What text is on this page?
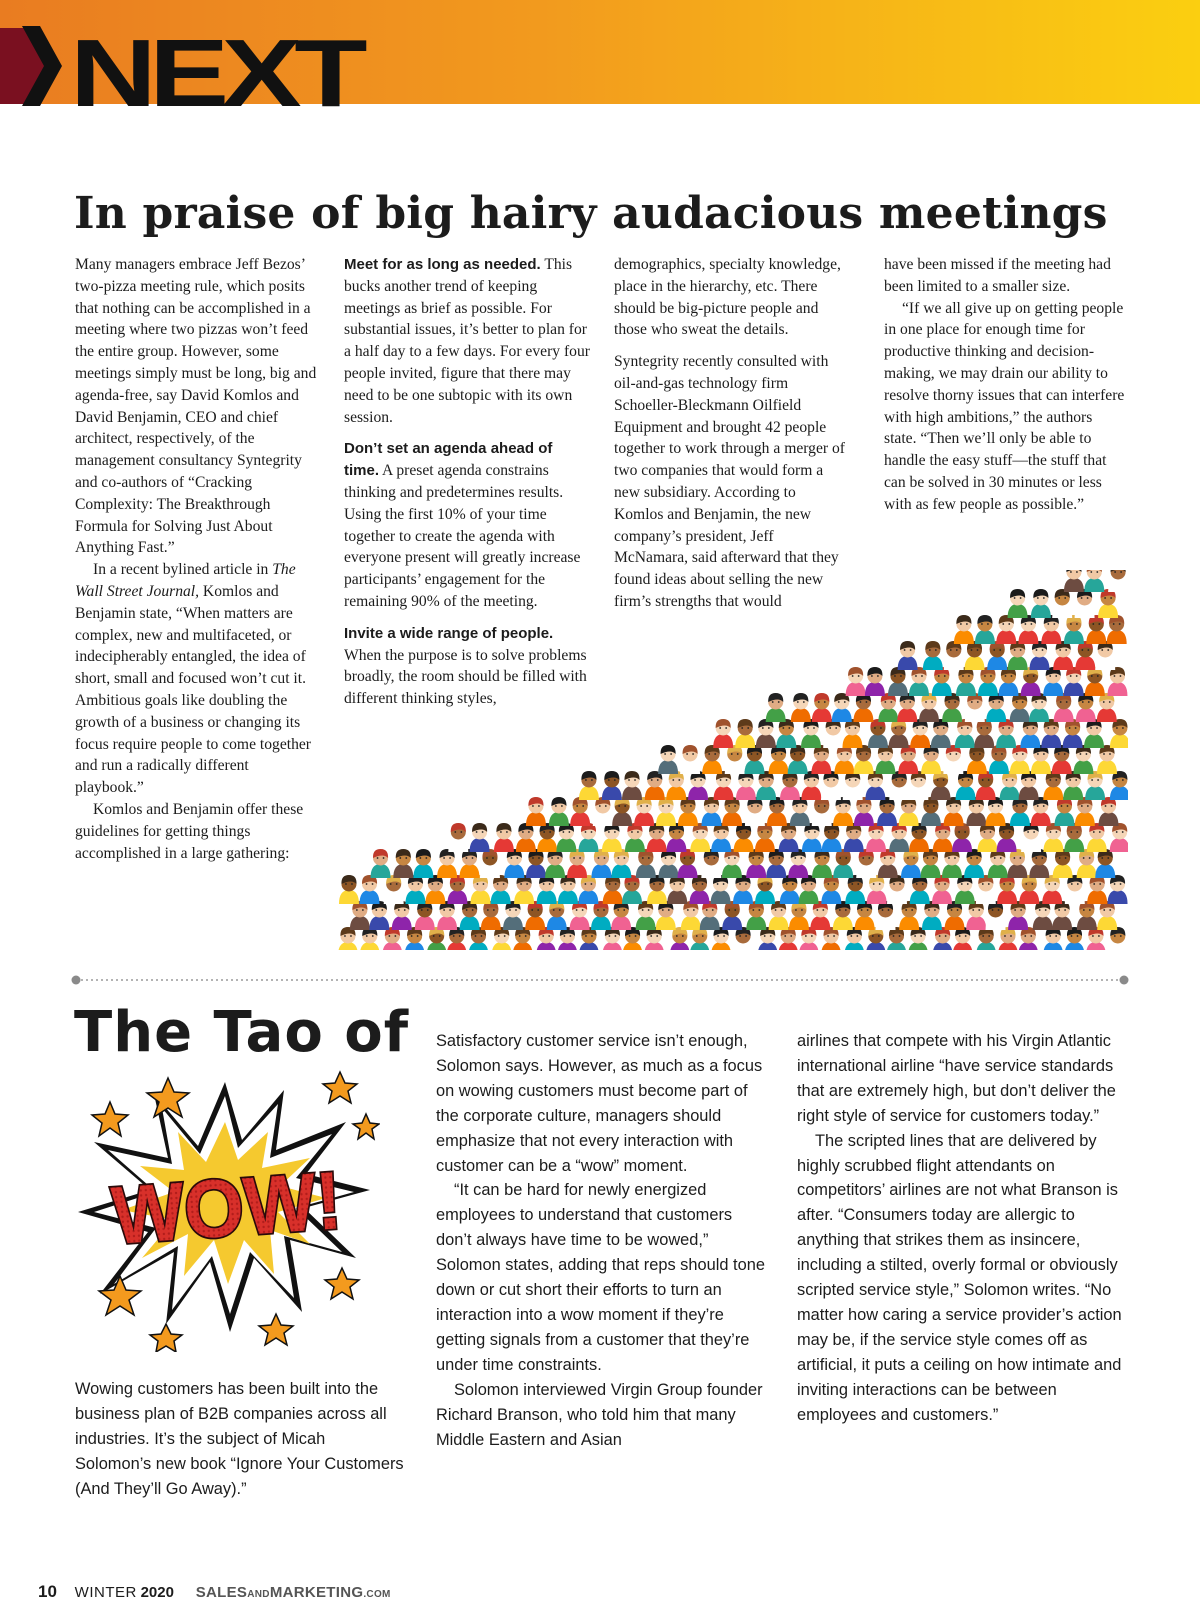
NEXT
In praise of big hairy audacious meetings

Many managers embrace Jeff Bezos’ two-pizza meeting rule, which posits that nothing can be accomplished in a meeting where two pizzas won’t feed the entire group. However, some meetings simply must be long, big and agenda-free, say David Komlos and David Benjamin, CEO and chief architect, respectively, of the management consultancy Syntegrity and co-authors of “Cracking Complexity: The Breakthrough Formula for Solving Just About Anything Fast.”

In a recent bylined article in The Wall Street Journal, Komlos and Benjamin state, “When matters are complex, new and multifaceted, or indecipherably entangled, the idea of short, small and focused won’t cut it. Ambitious goals like doubling the growth of a business or changing its focus require people to come together and run a radically different playbook.”

Komlos and Benjamin offer these guidelines for getting things accomplished in a large gathering:

Meet for as long as needed. This bucks another trend of keeping meetings as brief as possible. For substantial issues, it’s better to plan for a half day to a few days. For every four people invited, figure that there may need to be one subtopic with its own session.

Don’t set an agenda ahead of time. A preset agenda constrains thinking and predetermines results. Using the first 10% of your time together to create the agenda with everyone present will greatly increase participants’ engagement for the remaining 90% of the meeting.

Invite a wide range of people. When the purpose is to solve problems broadly, the room should be filled with different thinking styles,

demographics, specialty knowledge, place in the hierarchy, etc. There should be big-picture people and those who sweat the details.

Syntegrity recently consulted with oil-and-gas technology firm Schoeller-Bleckmann Oilfield Equipment and brought 42 people together to work through a merger of two companies that would form a new subsidiary. According to Komlos and Benjamin, the new company’s president, Jeff McNamara, said afterward that they found ideas about selling the new firm’s strengths that would

have been missed if the meeting had been limited to a smaller size.

“If we all give up on getting people in one place for enough time for productive thinking and decision-making, we may drain our ability to resolve thorny issues that can interfere with high ambitions,” the authors state. “Then we’ll only be able to handle the easy stuff—the stuff that can be solved in 30 minutes or less with as few people as possible.”

The Tao of
WOW!

Wowing customers has been built into the business plan of B2B companies across all industries. It’s the subject of Micah Solomon’s new book “Ignore Your Customers (And They’ll Go Away).”

Satisfactory customer service isn’t enough, Solomon says. However, as much as a focus on wowing customers must become part of the corporate culture, managers should emphasize that not every interaction with customer can be a “wow” moment.

“It can be hard for newly energized employees to understand that customers don’t always have time to be wowed,” Solomon states, adding that reps should tone down or cut short their efforts to turn an interaction into a wow moment if they’re getting signals from a customer that they’re under time constraints.

Solomon interviewed Virgin Group founder Richard Branson, who told him that many Middle Eastern and Asian

airlines that compete with his Virgin Atlantic international airline “have service standards that are extremely high, but don’t deliver the right style of service for customers today.”

The scripted lines that are delivered by highly scrubbed flight attendants on competitors’ airlines are not what Branson is after. “Consumers today are allergic to anything that strikes them as insincere, including a stilted, overly formal or obviously scripted service style,” Solomon writes. “No matter how caring a service provider’s action may be, if the service style comes off as artificial, it puts a ceiling on how intimate and inviting interactions can be between employees and customers.”

10 WINTER 2020 SALESANDMARKETING.COM
